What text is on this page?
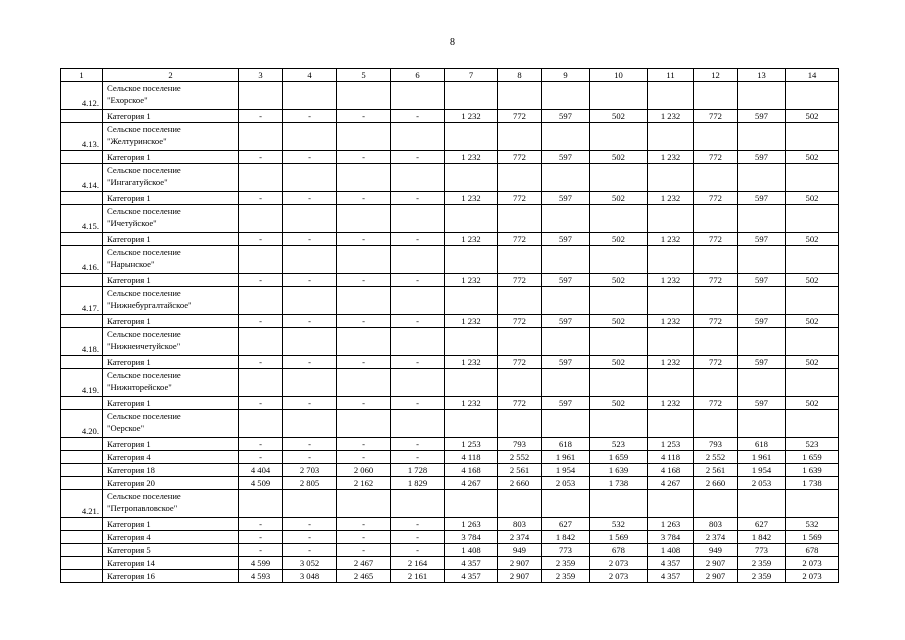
8
1	2	3	4	5	6	7	8	9	10	11	12	13	14
4.12.	Сельское поселение
"Ехорское"												

	Категория 1	-	-	-	-	1 232	772	597	502	1 232	772	597	502
4.13.	Сельское поселение
"Желтуринское"												

	Категория 1	-	-	-	-	1 232	772	597	502	1 232	772	597	502
4.14.	Сельское поселение
"Ингагатуйское"												

	Категория 1	-	-	-	-	1 232	772	597	502	1 232	772	597	502
4.15.	Сельское поселение
"Ичетуйское"												

	Категория 1	-	-	-	-	1 232	772	597	502	1 232	772	597	502
4.16.	Сельское поселение
"Нарынское"												

	Категория 1	-	-	-	-	1 232	772	597	502	1 232	772	597	502
4.17.	Сельское поселение
"Нижнебургалтайское"												

	Категория 1	-	-	-	-	1 232	772	597	502	1 232	772	597	502
4.18.	Сельское поселение
"Нижнеичетуйское"												

	Категория 1	-	-	-	-	1 232	772	597	502	1 232	772	597	502
4.19.	Сельское поселение
"Нижнторейское"												

	Категория 1	-	-	-	-	1 232	772	597	502	1 232	772	597	502
4.20.	Сельское поселение
"Оерское"												

	Категория 1	-	-	-	-	1 253	793	618	523	1 253	793	618	523
	Категория 4	-	-	-	-	4 118	2 552	1 961	1 659	4 118	2 552	1 961	1 659
	Категория 18	4 404	2 703	2 060	1 728	4 168	2 561	1 954	1 639	4 168	2 561	1 954	1 639
	Категория 20	4 509	2 805	2 162	1 829	4 267	2 660	2 053	1 738	4 267	2 660	2 053	1 738
4.21.	Сельское поселение
"Петропавловское"												

	Категория 1	-	-	-	-	1 263	803	627	532	1 263	803	627	532
	Категория 4	-	-	-	-	3 784	2 374	1 842	1 569	3 784	2 374	1 842	1 569
	Категория 5	-	-	-	-	1 408	949	773	678	1 408	949	773	678
	Категория 14	4 599	3 052	2 467	2 164	4 357	2 907	2 359	2 073	4 357	2 907	2 359	2 073
	Категория 16	4 593	3 048	2 465	2 161	4 357	2 907	2 359	2 073	4 357	2 907	2 359	2 073
